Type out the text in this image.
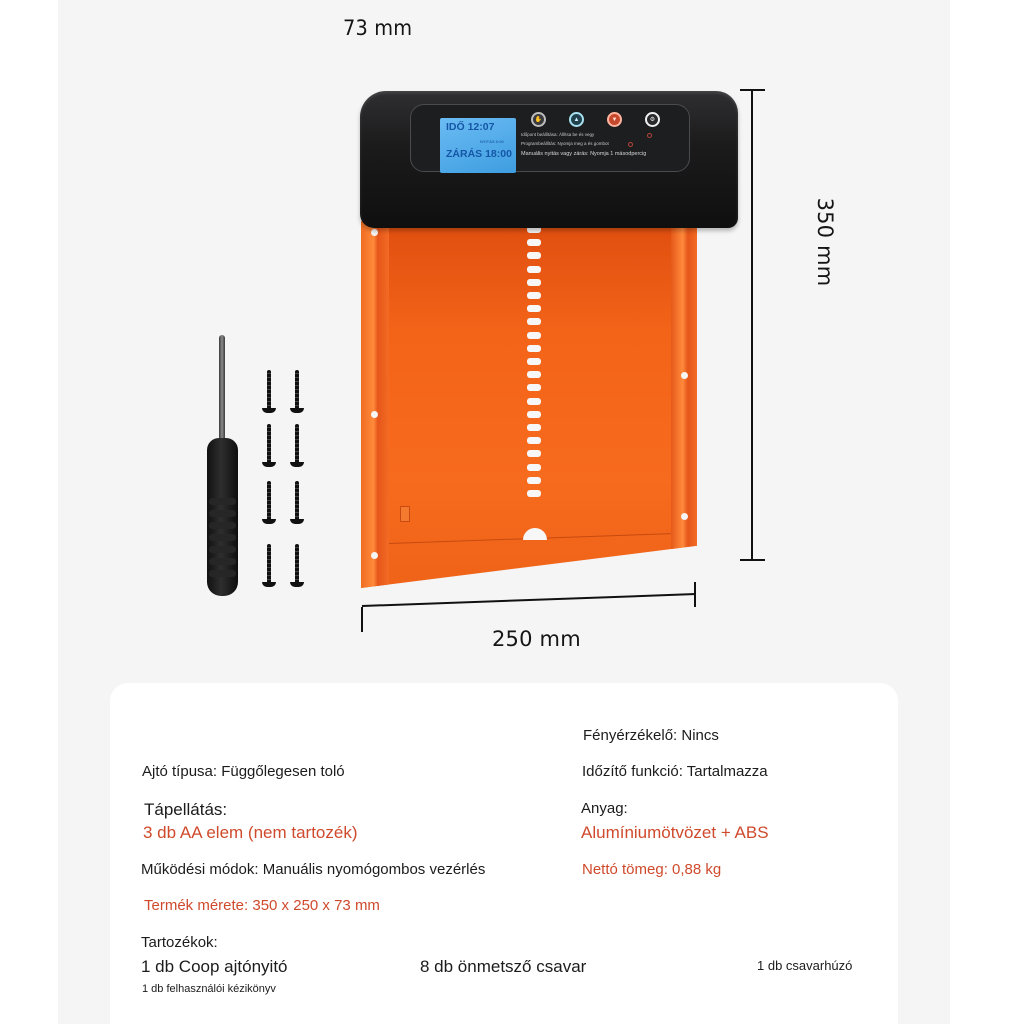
73 mm
350 mm
IDŐ 12:07
NYITÁS 6:00
ZÁRÁS 18:00
✋	▲	▼	⚙
Időpont beállítása: Állítsa be és vegy
Programbeállítás: Nyomja meg a és gombot
Manuális nyitás vagy zárás: Nyomja 1 másodpercig
250 mm
Fényérzékelő: Nincs
Ajtó típusa: Függőlegesen toló	Időzítő funkció: Tartalmazza
Tápellátás:
3 db AA elem (nem tartozék)
Anyag:
Alumíniumötvözet + ABS
Működési módok: Manuális nyomógombos vezérlés	Nettó tömeg: 0,88 kg
Termék mérete: 350 x 250 x 73 mm
Tartozékok:
1 db Coop ajtónyitó	8 db önmetsző csavar	1 db csavarhúzó
1 db felhasználói kézikönyv
